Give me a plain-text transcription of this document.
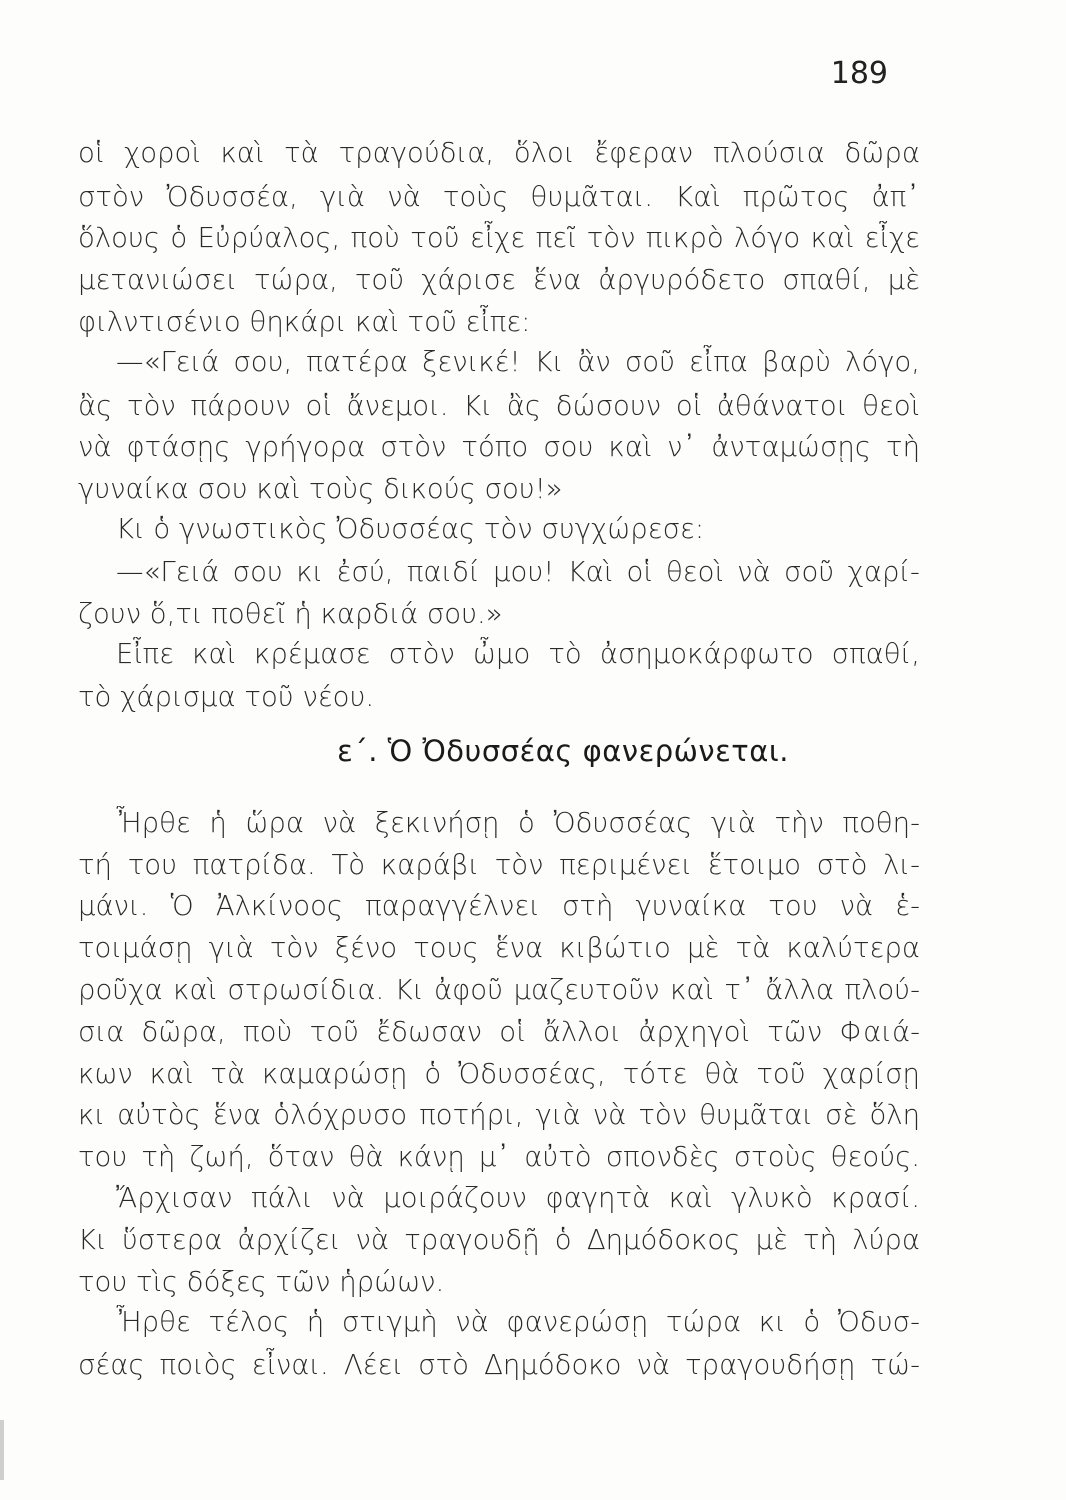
189
οἱ χοροὶ καὶ τὰ τραγούδια, ὅλοι ἔφεραν πλούσια δῶρα
στὸν Ὀδυσσέα, γιὰ νὰ τοὺς θυμᾶται. Καὶ πρῶτος ἀπ᾽
ὅλους ὁ Εὐρύαλος, ποὺ τοῦ εἶχε πεῖ τὸν πικρὸ λόγο καὶ εἶχε
μετανιώσει τώρα, τοῦ χάρισε ἕνα ἀργυρόδετο σπαθί, μὲ
φιλντισένιο θηκάρι καὶ τοῦ εἶπε:
—«Γειά σου, πατέρα ξενικέ! Κι ἂν σοῦ εἶπα βαρὺ λόγο,
ἂς τὸν πάρουν οἱ ἄνεμοι. Κι ἂς δώσουν οἱ ἀθάνατοι θεοὶ
νὰ φτάσῃς γρήγορα στὸν τόπο σου καὶ ν᾽ ἀνταμώσῃς τὴ
γυναίκα σου καὶ τοὺς δικούς σου!»
Κι ὁ γνωστικὸς Ὀδυσσέας τὸν συγχώρεσε:
—«Γειά σου κι ἐσύ, παιδί μου! Καὶ οἱ θεοὶ νὰ σοῦ χαρί-
ζουν ὅ,τι ποθεῖ ἡ καρδιά σου.»
Εἶπε καὶ κρέμασε στὸν ὦμο τὸ ἀσημοκάρφωτο σπαθί,
τὸ χάρισμα τοῦ νέου.
ε΄. Ὁ Ὀδυσσέας φανερώνεται.
Ἦρθε ἡ ὥρα νὰ ξεκινήσῃ ὁ Ὀδυσσέας γιὰ τὴν ποθη-
τή του πατρίδα. Τὸ καράβι τὸν περιμένει ἕτοιμο στὸ λι-
μάνι. Ὁ Ἀλκίνοος παραγγέλνει στὴ γυναίκα του νὰ ἑ-
τοιμάσῃ γιὰ τὸν ξένο τους ἕνα κιβώτιο μὲ τὰ καλύτερα
ροῦχα καὶ στρωσίδια. Κι ἀφοῦ μαζευτοῦν καὶ τ᾽ ἄλλα πλού-
σια δῶρα, ποὺ τοῦ ἔδωσαν οἱ ἄλλοι ἀρχηγοὶ τῶν Φαιά-
κων καὶ τὰ καμαρώσῃ ὁ Ὀδυσσέας, τότε θὰ τοῦ χαρίσῃ
κι αὐτὸς ἕνα ὁλόχρυσο ποτήρι, γιὰ νὰ τὸν θυμᾶται σὲ ὅλη
του τὴ ζωή, ὅταν θὰ κάνῃ μ᾽ αὐτὸ σπονδὲς στοὺς θεούς.
Ἄρχισαν πάλι νὰ μοιράζουν φαγητὰ καὶ γλυκὸ κρασί.
Κι ὕστερα ἀρχίζει νὰ τραγουδῇ ὁ Δημόδοκος μὲ τὴ λύρα
του τὶς δόξες τῶν ἡρώων.
Ἦρθε τέλος ἡ στιγμὴ νὰ φανερώσῃ τώρα κι ὁ Ὀδυσ-
σέας ποιὸς εἶναι. Λέει στὸ Δημόδοκο νὰ τραγουδήσῃ τώ-
